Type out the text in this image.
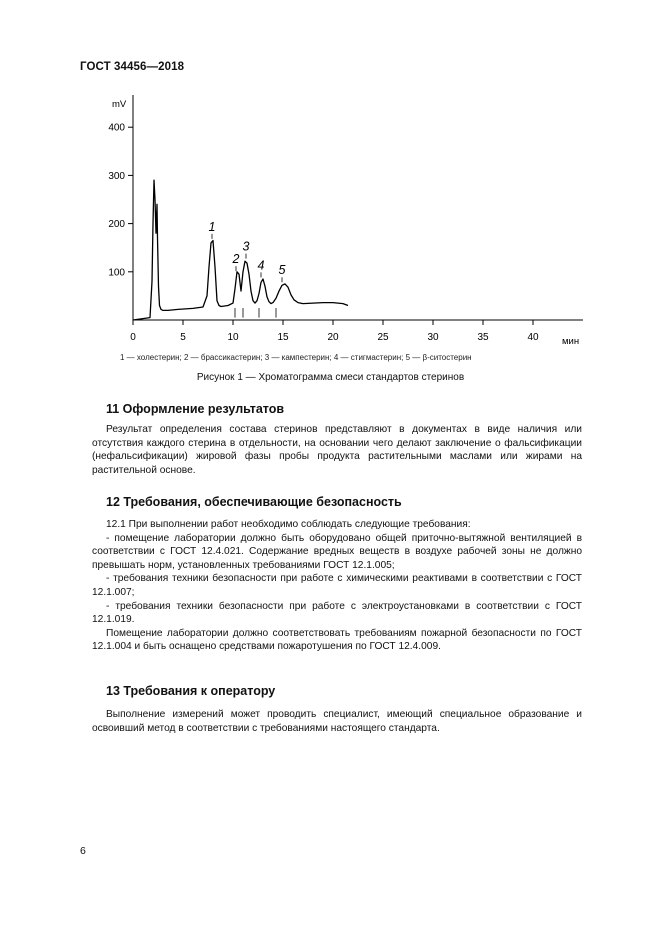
ГОСТ 34456—2018
0	5	10	15	20	25	30	35	40
100
200
300
400
1
2
3
4 5
mV
мин
1 — холестерин; 2 — брассикастерин; 3 — кампестерин; 4 — стигмастерин; 5 — β-ситостерин
Рисунок 1 — Хроматограмма смеси стандартов стеринов
11 Оформление результатов

Результат определения состава стеринов представляют в документах в виде наличия или отсутствия каждого стерина в отдельности, на основании чего делают заключение о фальсификации (нефальсификации) жировой фазы пробы продукта растительными маслами или жирами на растительной основе.

12 Требования, обеспечивающие безопасность

12.1 При выполнении работ необходимо соблюдать следующие требования:

- помещение лаборатории должно быть оборудовано общей приточно-вытяжной вентиляцией в соответствии с ГОСТ 12.4.021. Содержание вредных веществ в воздухе рабочей зоны не должно превышать норм, установленных требованиями ГОСТ 12.1.005;

- требования техники безопасности при работе с химическими реактивами в соответствии с ГОСТ 12.1.007;

- требования техники безопасности при работе с электроустановками в соответствии с ГОСТ 12.1.019.

Помещение лаборатории должно соответствовать требованиям пожарной безопасности по ГОСТ 12.1.004 и быть оснащено средствами пожаротушения по ГОСТ 12.4.009.

13 Требования к оператору

Выполнение измерений может проводить специалист, имеющий специальное образование и освоивший метод в соответствии с требованиями настоящего стандарта.

6
